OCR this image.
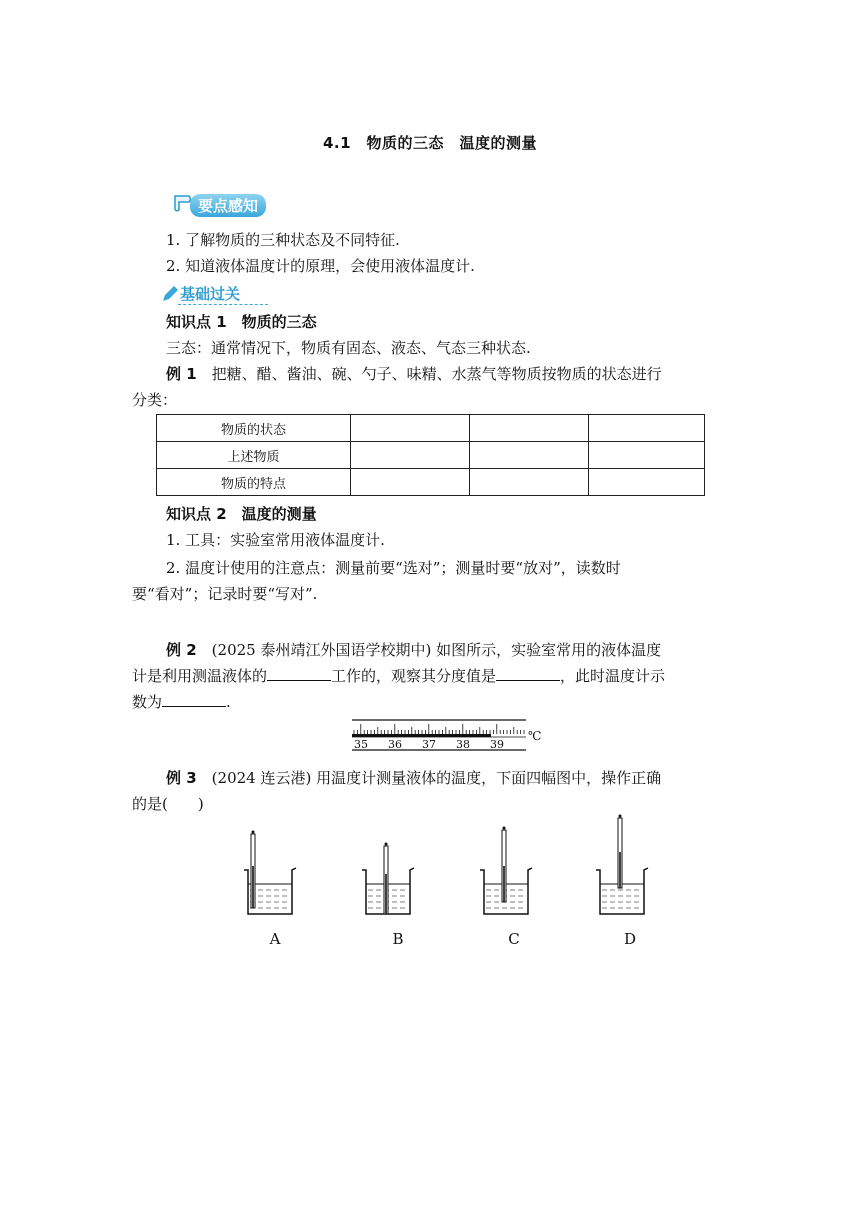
4.1　物质的三态　温度的测量
要点感知
1. 了解物质的三种状态及不同特征.
2. 知道液体温度计的原理，会使用液体温度计.
基础过关
知识点 1　物质的三态
三态：通常情况下，物质有固态、液态、气态三种状态.
例 1　把糖、醋、酱油、碗、勺子、味精、水蒸气等物质按物质的状态进行
分类：
物质的状态			
上述物质			
物质的特点			
知识点 2　温度的测量
1. 工具：实验室常用液体温度计.
2. 温度计使用的注意点：测量前要“选对”；测量时要“放对”，读数时
要“看对”；记录时要“写对”.
例 2　(2025 泰州靖江外国语学校期中) 如图所示，实验室常用的液体温度
计是利用测温液体的	工作的，观察其分度值是	，此时温度计示
数为	.
35 36 37 38 39
℃
例 3　(2024 连云港) 用温度计测量液体的温度，下面四幅图中，操作正确
的是(　　)
A	B	C	D
